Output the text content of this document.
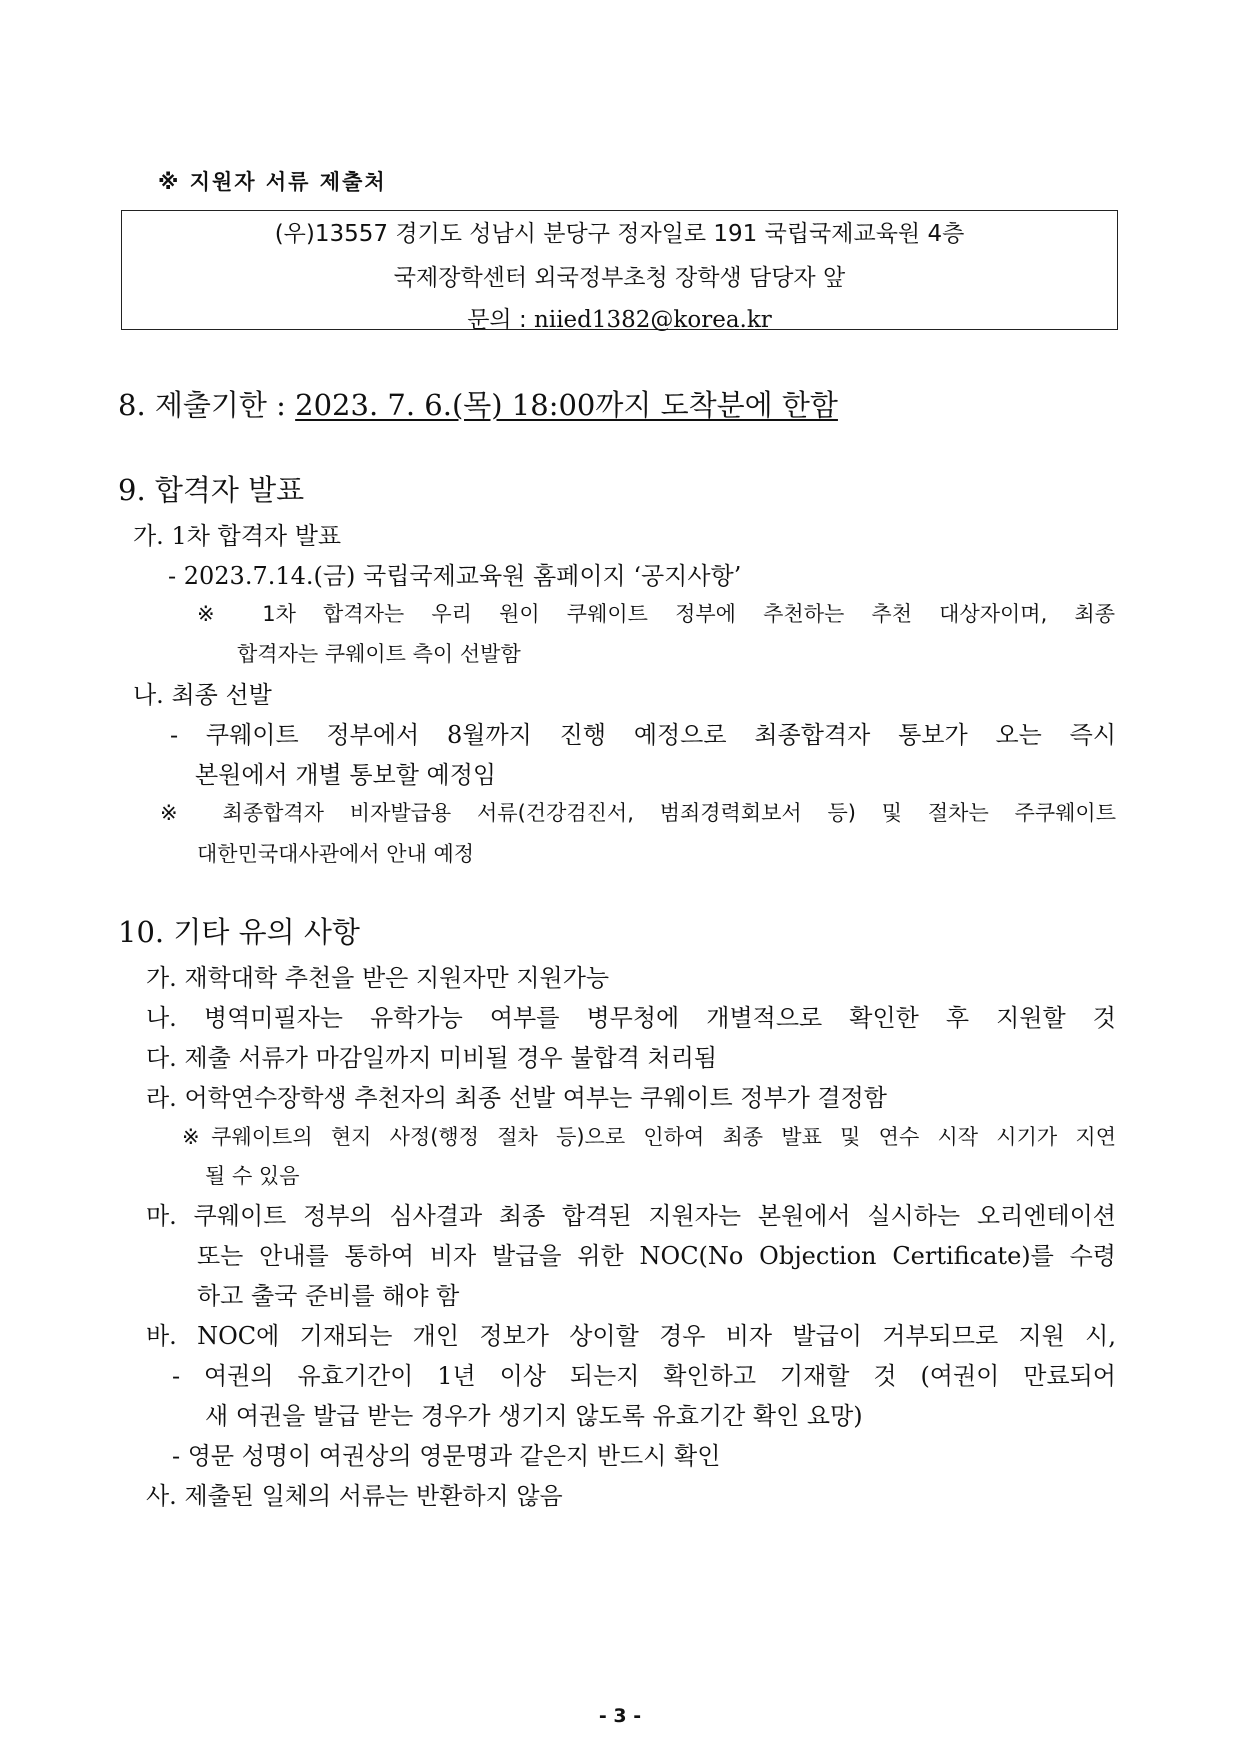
※ 지원자 서류 제출처
(우)13557 경기도 성남시 분당구 정자일로 191 국립국제교육원 4층
국제장학센터 외국정부초청 장학생 담당자 앞
문의 : niied1382@korea.kr
8. 제출기한 : 2023. 7. 6.(목) 18:00까지 도착분에 한함
9. 합격자 발표
가. 1차 합격자 발표
- 2023.7.14.(금) 국립국제교육원 홈페이지 ‘공지사항’
※ 1차 합격자는 우리 원이 쿠웨이트 정부에 추천하는 추천 대상자이며, 최종
합격자는 쿠웨이트 측이 선발함
나. 최종 선발
- 쿠웨이트 정부에서 8월까지 진행 예정으로 최종합격자 통보가 오는 즉시
본원에서 개별 통보할 예정임
※ 최종합격자 비자발급용 서류(건강검진서, 범죄경력회보서 등) 및 절차는 주쿠웨이트
대한민국대사관에서 안내 예정
10. 기타 유의 사항
가. 재학대학 추천을 받은 지원자만 지원가능
나. 병역미필자는 유학가능 여부를 병무청에 개별적으로 확인한 후 지원할 것
다. 제출 서류가 마감일까지 미비될 경우 불합격 처리됨
라. 어학연수장학생 추천자의 최종 선발 여부는 쿠웨이트 정부가 결정함
※쿠웨이트의 현지 사정(행정 절차 등)으로 인하여 최종 발표 및 연수 시작 시기가 지연
될 수 있음
마. 쿠웨이트 정부의 심사결과 최종 합격된 지원자는 본원에서 실시하는 오리엔테이션
또는 안내를 통하여 비자 발급을 위한 NOC(No Objection Certificate)를 수령
하고 출국 준비를 해야 함
바. NOC에 기재되는 개인 정보가 상이할 경우 비자 발급이 거부되므로 지원 시,
- 여권의 유효기간이 1년 이상 되는지 확인하고 기재할 것 (여권이 만료되어
새 여권을 발급 받는 경우가 생기지 않도록 유효기간 확인 요망)
- 영문 성명이 여권상의 영문명과 같은지 반드시 확인
사. 제출된 일체의 서류는 반환하지 않음
- 3 -
